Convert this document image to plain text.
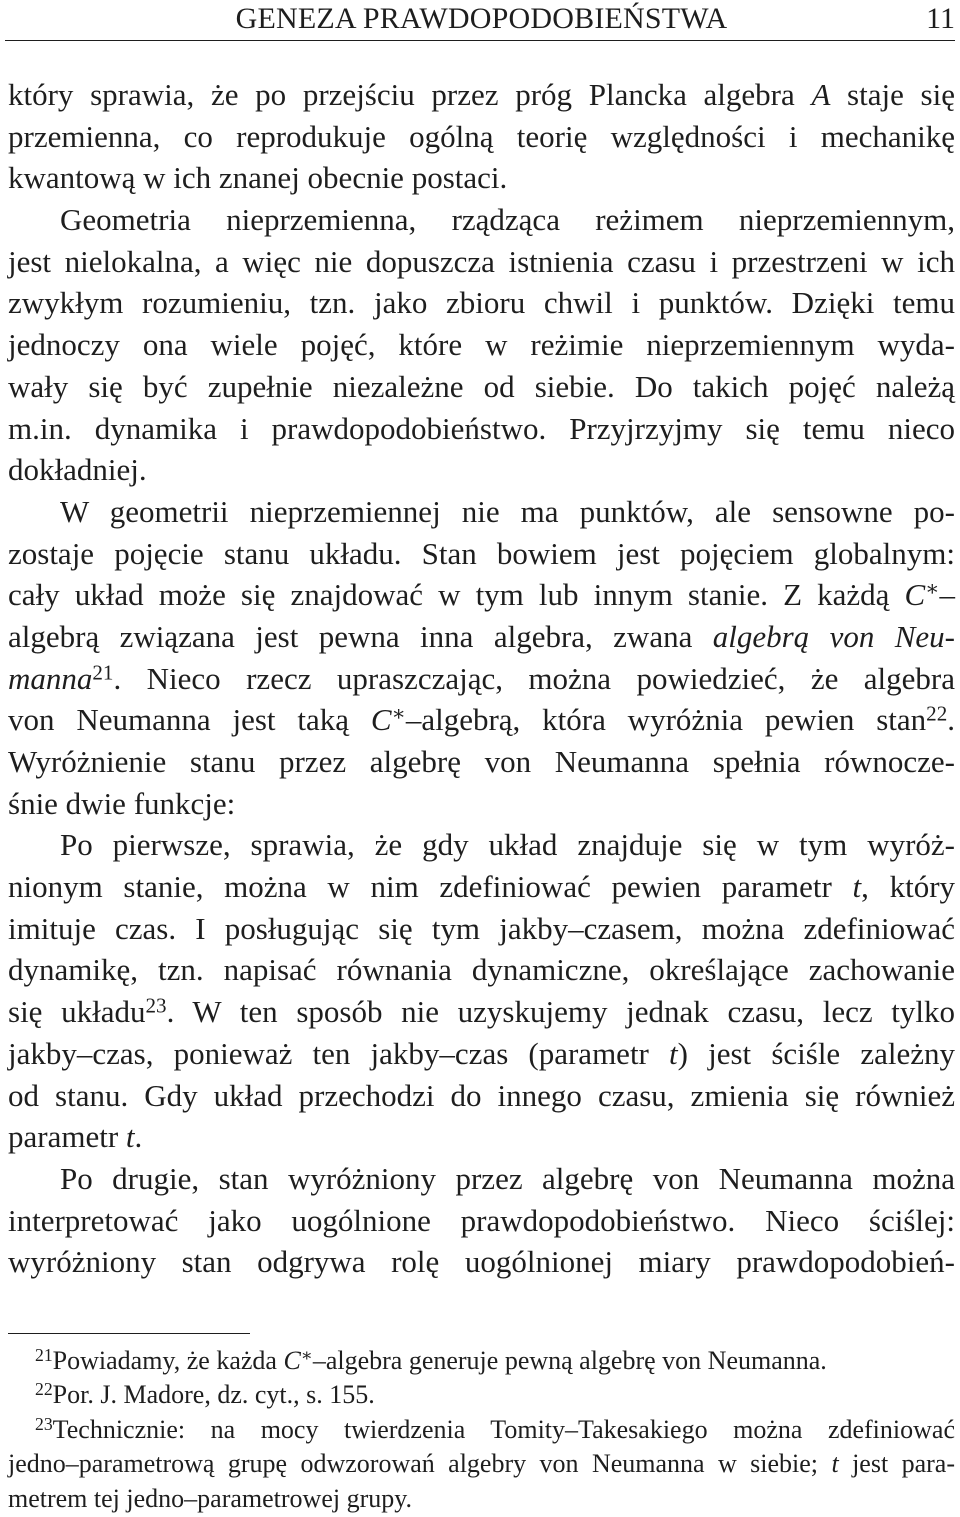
GENEZA PRAWDOPODOBIEŃSTWA	11
który sprawia, że po przejściu przez próg Plancka algebra A staje się
przemienna, co reprodukuje ogólną teorię względności i mechanikę
kwantową w ich znanej obecnie postaci.
Geometria nieprzemienna, rządząca reżimem nieprzemiennym,
jest nielokalna, a więc nie dopuszcza istnienia czasu i przestrzeni w ich
zwykłym rozumieniu, tzn. jako zbioru chwil i punktów. Dzięki temu
jednoczy ona wiele pojęć, które w reżimie nieprzemiennym wyda-
wały się być zupełnie niezależne od siebie. Do takich pojęć należą
m.in. dynamika i prawdopodobieństwo. Przyjrzyjmy się temu nieco
dokładniej.
W geometrii nieprzemiennej nie ma punktów, ale sensowne po-
zostaje pojęcie stanu układu. Stan bowiem jest pojęciem globalnym:
cały układ może się znajdować w tym lub innym stanie. Z każdą C∗–
algebrą związana jest pewna inna algebra, zwana algebrą von Neu-
manna$^{21}$. Nieco rzecz upraszczając, można powiedzieć, że algebra
von Neumanna jest taką C∗–algebrą, która wyróżnia pewien stan$^{22}$.
Wyróżnienie stanu przez algebrę von Neumanna spełnia równocze-
śnie dwie funkcje:
Po pierwsze, sprawia, że gdy układ znajduje się w tym wyróż-
nionym stanie, można w nim zdefiniować pewien parametr t, który
imituje czas. I posługując się tym jakby–czasem, można zdefiniować
dynamikę, tzn. napisać równania dynamiczne, określające zachowanie
się układu$^{23}$. W ten sposób nie uzyskujemy jednak czasu, lecz tylko
jakby–czas, ponieważ ten jakby–czas (parametr t) jest ściśle zależny
od stanu. Gdy układ przechodzi do innego czasu, zmienia się również
parametr t.
Po drugie, stan wyróżniony przez algebrę von Neumanna można
interpretować jako uogólnione prawdopodobieństwo. Nieco ściślej:
wyróżniony stan odgrywa rolę uogólnionej miary prawdopodobień-
$^{21}$Powiadamy, że każda C∗–algebra generuje pewną algebrę von Neumanna.
$^{22}$Por. J. Madore, dz. cyt., s. 155.
$^{23}$Technicznie: na mocy twierdzenia Tomity–Takesakiego można zdefiniować
jedno–parametrową grupę odwzorowań algebry von Neumanna w siebie; t jest para-
metrem tej jedno–parametrowej grupy.
